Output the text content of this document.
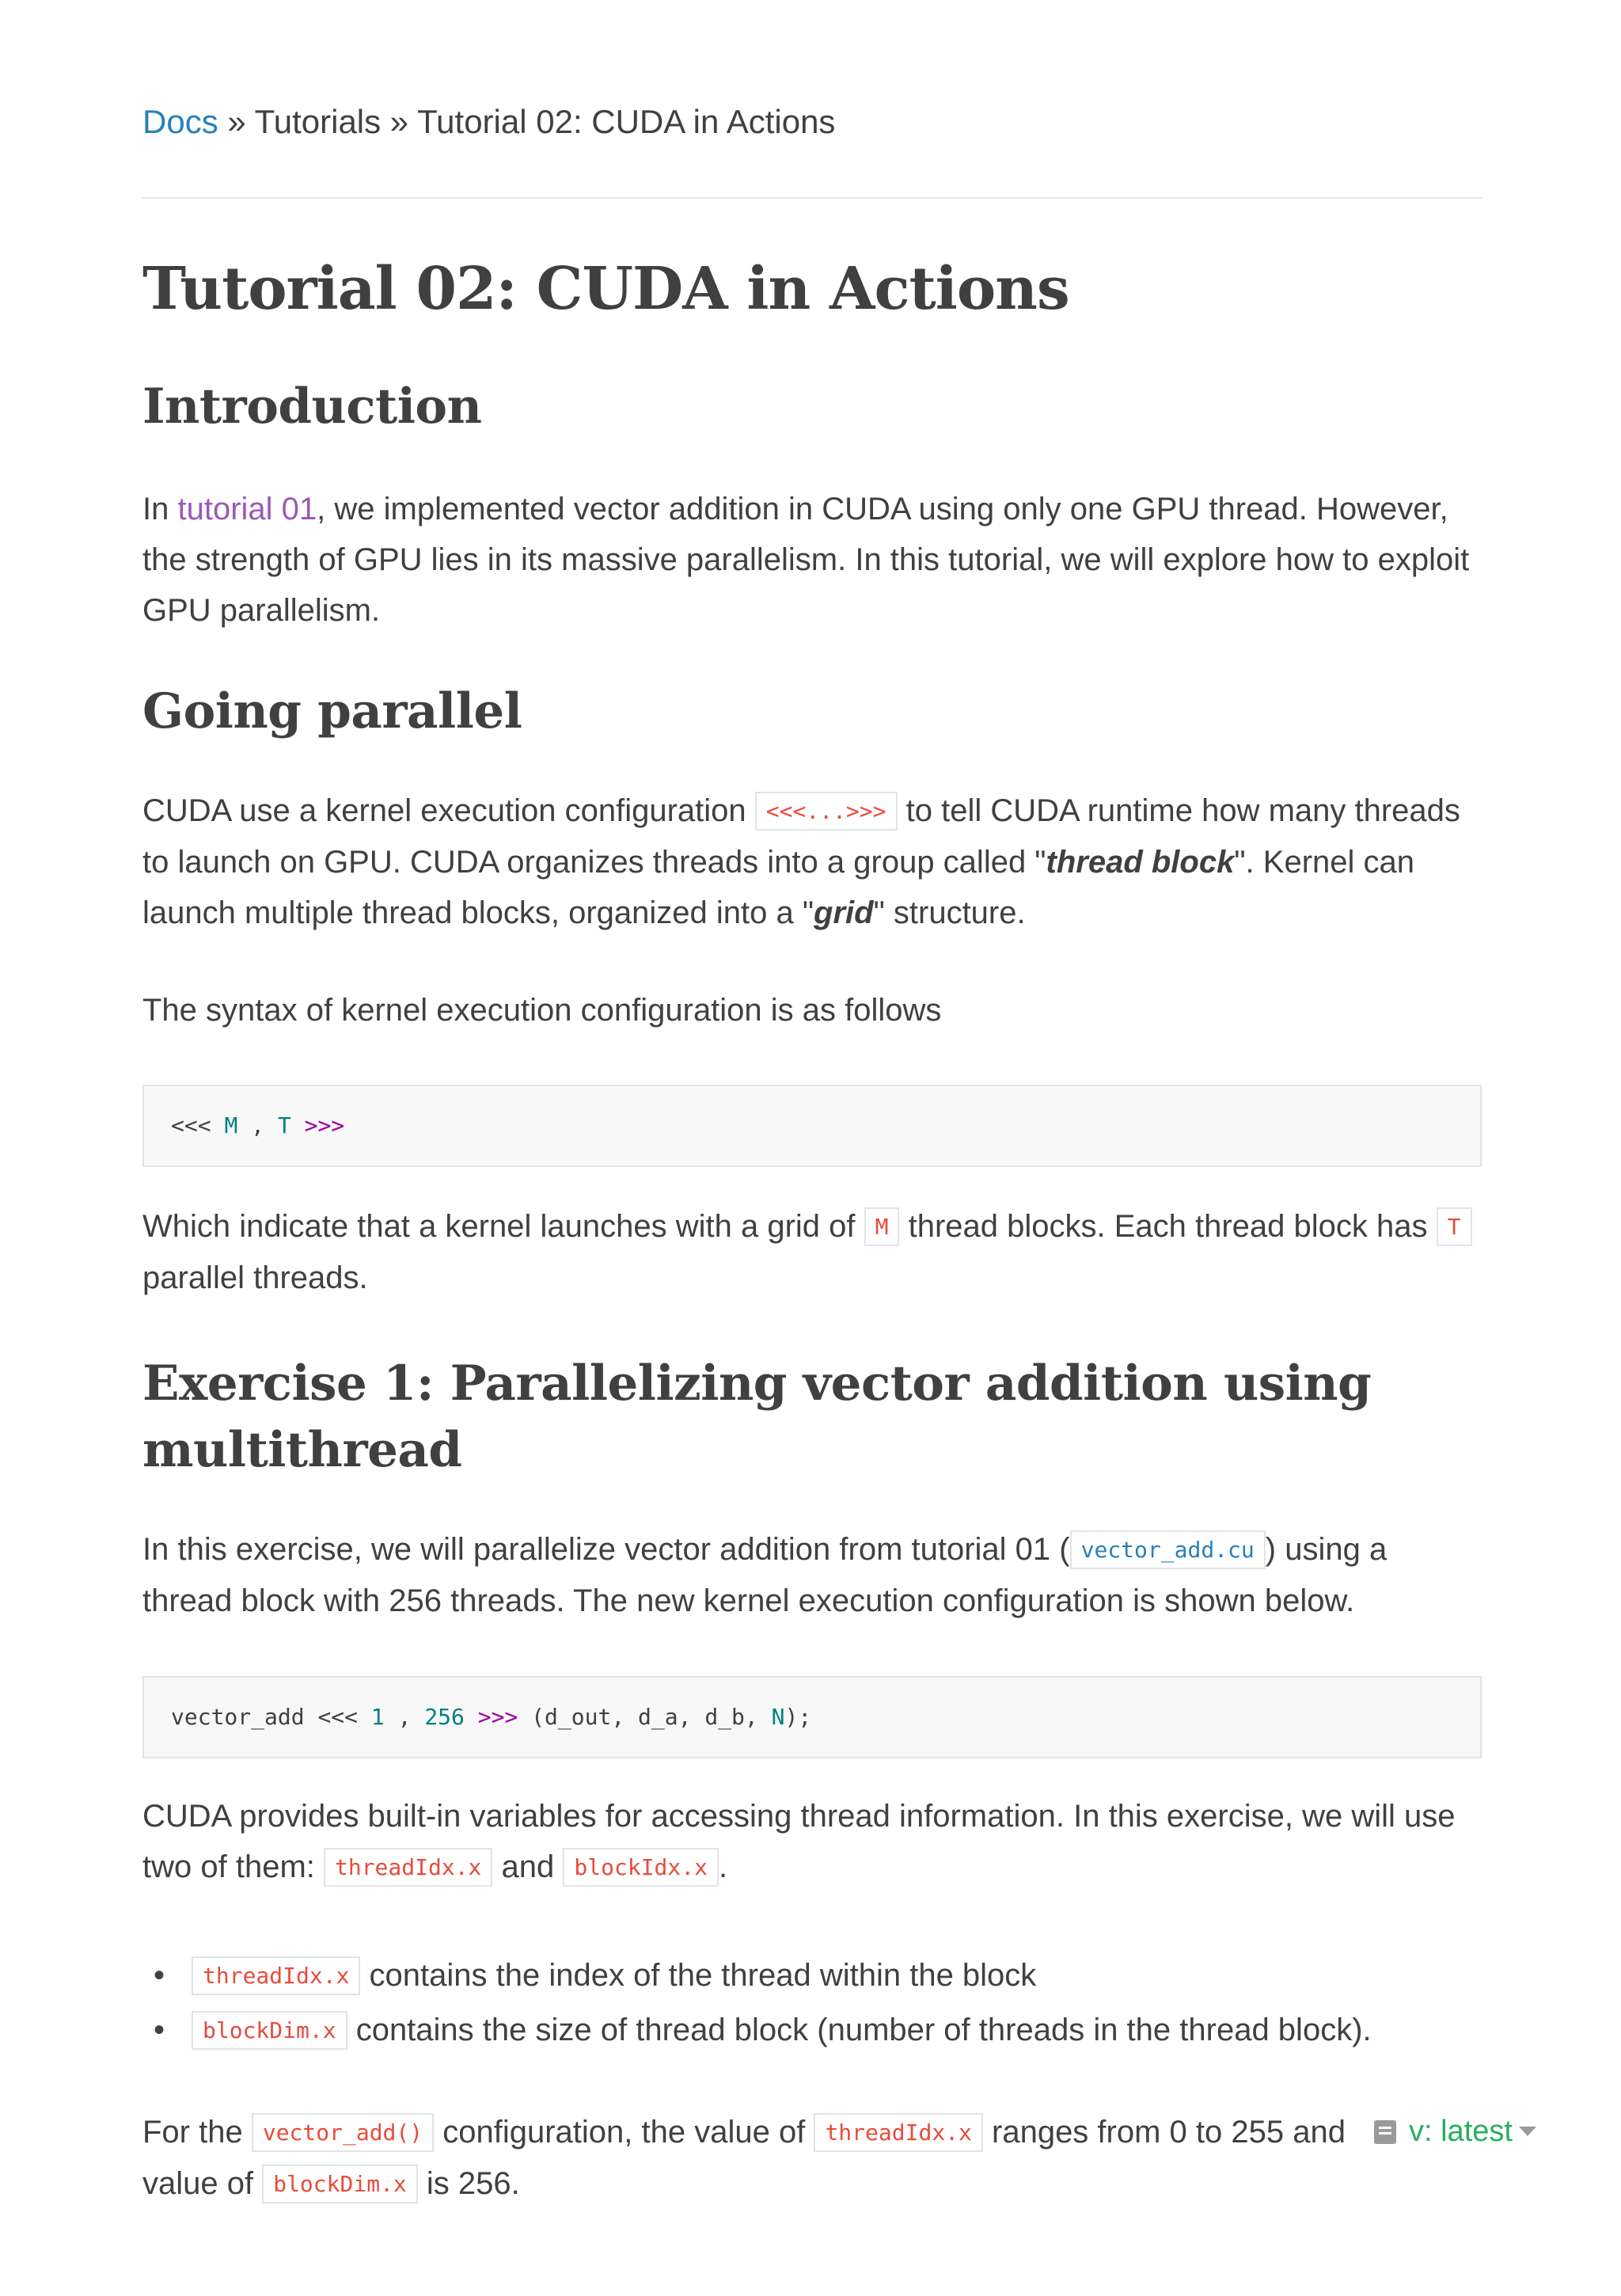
Docs » Tutorials » Tutorial 02: CUDA in Actions
Tutorial 02: CUDA in Actions
Introduction

In tutorial 01, we implemented vector addition in CUDA using only one GPU thread. However, the strength of GPU lies in its massive parallelism. In this tutorial, we will explore how to exploit GPU parallelism.

Going parallel

CUDA use a kernel execution configuration <<<...>>> to tell CUDA runtime how many threads to launch on GPU. CUDA organizes threads into a group called "thread block". Kernel can launch multiple thread blocks, organized into a "grid" structure.

The syntax of kernel execution configuration is as follows

<<< M , T >>>

Which indicate that a kernel launches with a grid of M thread blocks. Each thread block has T parallel threads.

Exercise 1: Parallelizing vector addition using multithread

In this exercise, we will parallelize vector addition from tutorial 01 ( vector_add.cu ) using a thread block with 256 threads. The new kernel execution configuration is shown below.

vector_add <<< 1 , 256 >>> (d_out, d_a, d_b, N);

CUDA provides built-in variables for accessing thread information. In this exercise, we will use two of them: threadIdx.x and blockIdx.x .

• threadIdx.x contains the index of the thread within the block
• blockDim.x contains the size of thread block (number of threads in the thread block).

For the vector_add() configuration, the value of threadIdx.x ranges from 0 to 255 and value of blockDim.x is 256.

v: latest
